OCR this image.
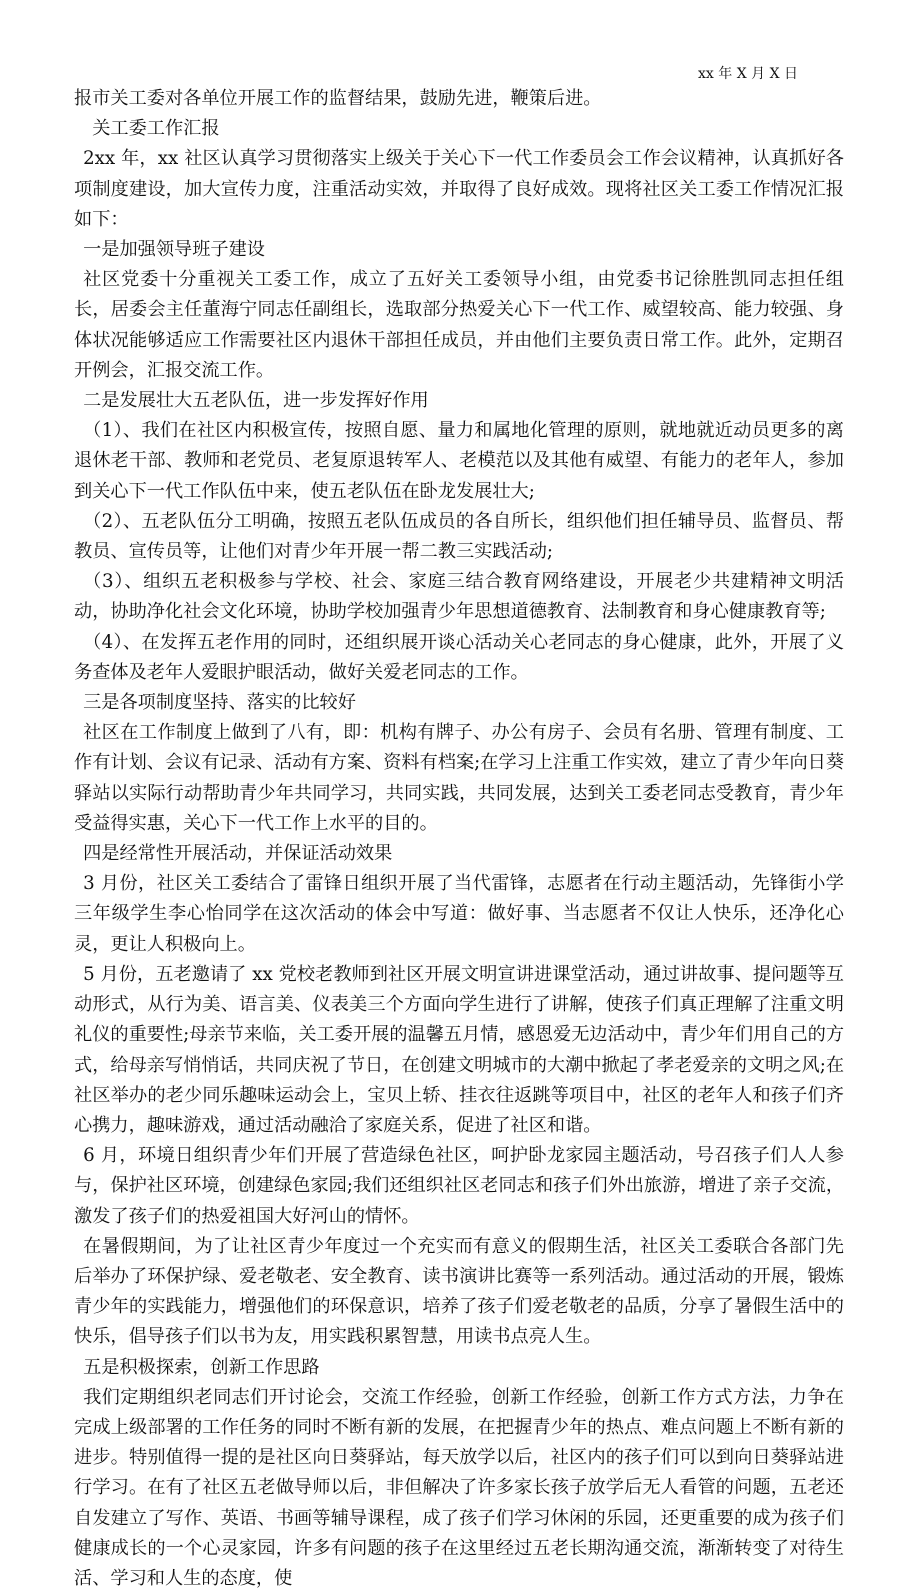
xx 年 X 月 X 日

报市关工委对各单位开展工作的监督结果，鼓励先进，鞭策后进。

关工委工作汇报

2xx 年，xx 社区认真学习贯彻落实上级关于关心下一代工作委员会工作会议精神，认真抓好各项制度建设，加大宣传力度，注重活动实效，并取得了良好成效。现将社区关工委工作情况汇报如下：

一是加强领导班子建设

社区党委十分重视关工委工作，成立了五好关工委领导小组，由党委书记徐胜凯同志担任组长，居委会主任董海宁同志任副组长，选取部分热爱关心下一代工作、威望较高、能力较强、身体状况能够适应工作需要社区内退休干部担任成员，并由他们主要负责日常工作。此外，定期召开例会，汇报交流工作。

二是发展壮大五老队伍，进一步发挥好作用

（1）、我们在社区内积极宣传，按照自愿、量力和属地化管理的原则，就地就近动员更多的离退休老干部、教师和老党员、老复原退转军人、老模范以及其他有威望、有能力的老年人，参加到关心下一代工作队伍中来，使五老队伍在卧龙发展壮大;

（2）、五老队伍分工明确，按照五老队伍成员的各自所长，组织他们担任辅导员、监督员、帮教员、宣传员等，让他们对青少年开展一帮二教三实践活动;

（3）、组织五老积极参与学校、社会、家庭三结合教育网络建设，开展老少共建精神文明活动，协助净化社会文化环境，协助学校加强青少年思想道德教育、法制教育和身心健康教育等;

（4）、在发挥五老作用的同时，还组织展开谈心活动关心老同志的身心健康，此外，开展了义务查体及老年人爱眼护眼活动，做好关爱老同志的工作。

三是各项制度坚持、落实的比较好

社区在工作制度上做到了八有，即：机构有牌子、办公有房子、会员有名册、管理有制度、工作有计划、会议有记录、活动有方案、资料有档案;在学习上注重工作实效，建立了青少年向日葵驿站以实际行动帮助青少年共同学习，共同实践，共同发展，达到关工委老同志受教育，青少年受益得实惠，关心下一代工作上水平的目的。

四是经常性开展活动，并保证活动效果

3 月份，社区关工委结合了雷锋日组织开展了当代雷锋，志愿者在行动主题活动，先锋街小学三年级学生李心怡同学在这次活动的体会中写道：做好事、当志愿者不仅让人快乐，还净化心灵，更让人积极向上。

5 月份，五老邀请了 xx 党校老教师到社区开展文明宣讲进课堂活动，通过讲故事、提问题等互动形式，从行为美、语言美、仪表美三个方面向学生进行了讲解，使孩子们真正理解了注重文明礼仪的重要性;母亲节来临，关工委开展的温馨五月情，感恩爱无边活动中，青少年们用自己的方式，给母亲写悄悄话，共同庆祝了节日，在创建文明城市的大潮中掀起了孝老爱亲的文明之风;在社区举办的老少同乐趣味运动会上，宝贝上轿、挂衣往返跳等项目中，社区的老年人和孩子们齐心携力，趣味游戏，通过活动融洽了家庭关系，促进了社区和谐。

6 月，环境日组织青少年们开展了营造绿色社区，呵护卧龙家园主题活动，号召孩子们人人参与，保护社区环境，创建绿色家园;我们还组织社区老同志和孩子们外出旅游，增进了亲子交流，激发了孩子们的热爱祖国大好河山的情怀。

在暑假期间，为了让社区青少年度过一个充实而有意义的假期生活，社区关工委联合各部门先后举办了环保护绿、爱老敬老、安全教育、读书演讲比赛等一系列活动。通过活动的开展，锻炼青少年的实践能力，增强他们的环保意识，培养了孩子们爱老敬老的品质，分享了暑假生活中的快乐，倡导孩子们以书为友，用实践积累智慧，用读书点亮人生。

五是积极探索，创新工作思路

我们定期组织老同志们开讨论会，交流工作经验，创新工作经验，创新工作方式方法，力争在完成上级部署的工作任务的同时不断有新的发展，在把握青少年的热点、难点问题上不断有新的进步。特别值得一提的是社区向日葵驿站，每天放学以后，社区内的孩子们可以到向日葵驿站进行学习。在有了社区五老做导师以后，非但解决了许多家长孩子放学后无人看管的问题，五老还自发建立了写作、英语、书画等辅导课程，成了孩子们学习休闲的乐园，还更重要的成为孩子们健康成长的一个心灵家园，许多有问题的孩子在这里经过五老长期沟通交流，渐渐转变了对待生活、学习和人生的态度，使
